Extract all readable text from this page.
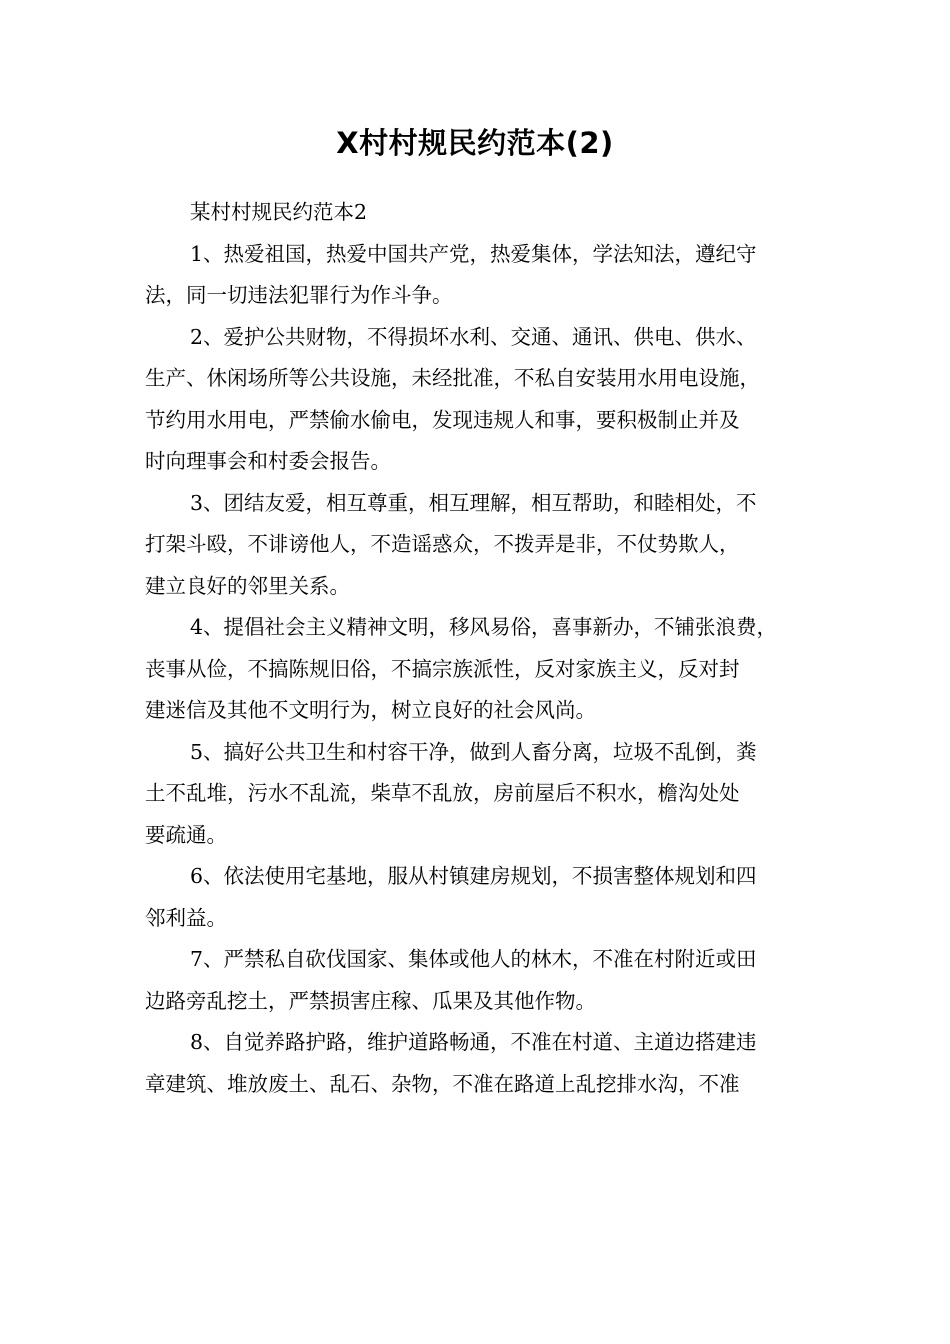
X村村规民约范本(2)

某村村规民约范本2

1、热爱祖国，热爱中国共产党，热爱集体，学法知法，遵纪守
法，同一切违法犯罪行为作斗争。

2、爱护公共财物，不得损坏水利、交通、通讯、供电、供水、
生产、休闲场所等公共设施，未经批准，不私自安装用水用电设施，
节约用水用电，严禁偷水偷电，发现违规人和事，要积极制止并及
时向理事会和村委会报告。

3、团结友爱，相互尊重，相互理解，相互帮助，和睦相处，不
打架斗殴，不诽谤他人，不造谣惑众，不拨弄是非，不仗势欺人，
建立良好的邻里关系。

4、提倡社会主义精神文明，移风易俗，喜事新办，不铺张浪费，
丧事从俭，不搞陈规旧俗，不搞宗族派性，反对家族主义，反对封
建迷信及其他不文明行为，树立良好的社会风尚。

5、搞好公共卫生和村容干净，做到人畜分离，垃圾不乱倒，粪
土不乱堆，污水不乱流，柴草不乱放，房前屋后不积水，檐沟处处
要疏通。

6、依法使用宅基地，服从村镇建房规划，不损害整体规划和四
邻利益。

7、严禁私自砍伐国家、集体或他人的林木，不准在村附近或田
边路旁乱挖土，严禁损害庄稼、瓜果及其他作物。

8、自觉养路护路，维护道路畅通，不准在村道、主道边搭建违
章建筑、堆放废土、乱石、杂物，不准在路道上乱挖排水沟，不准
